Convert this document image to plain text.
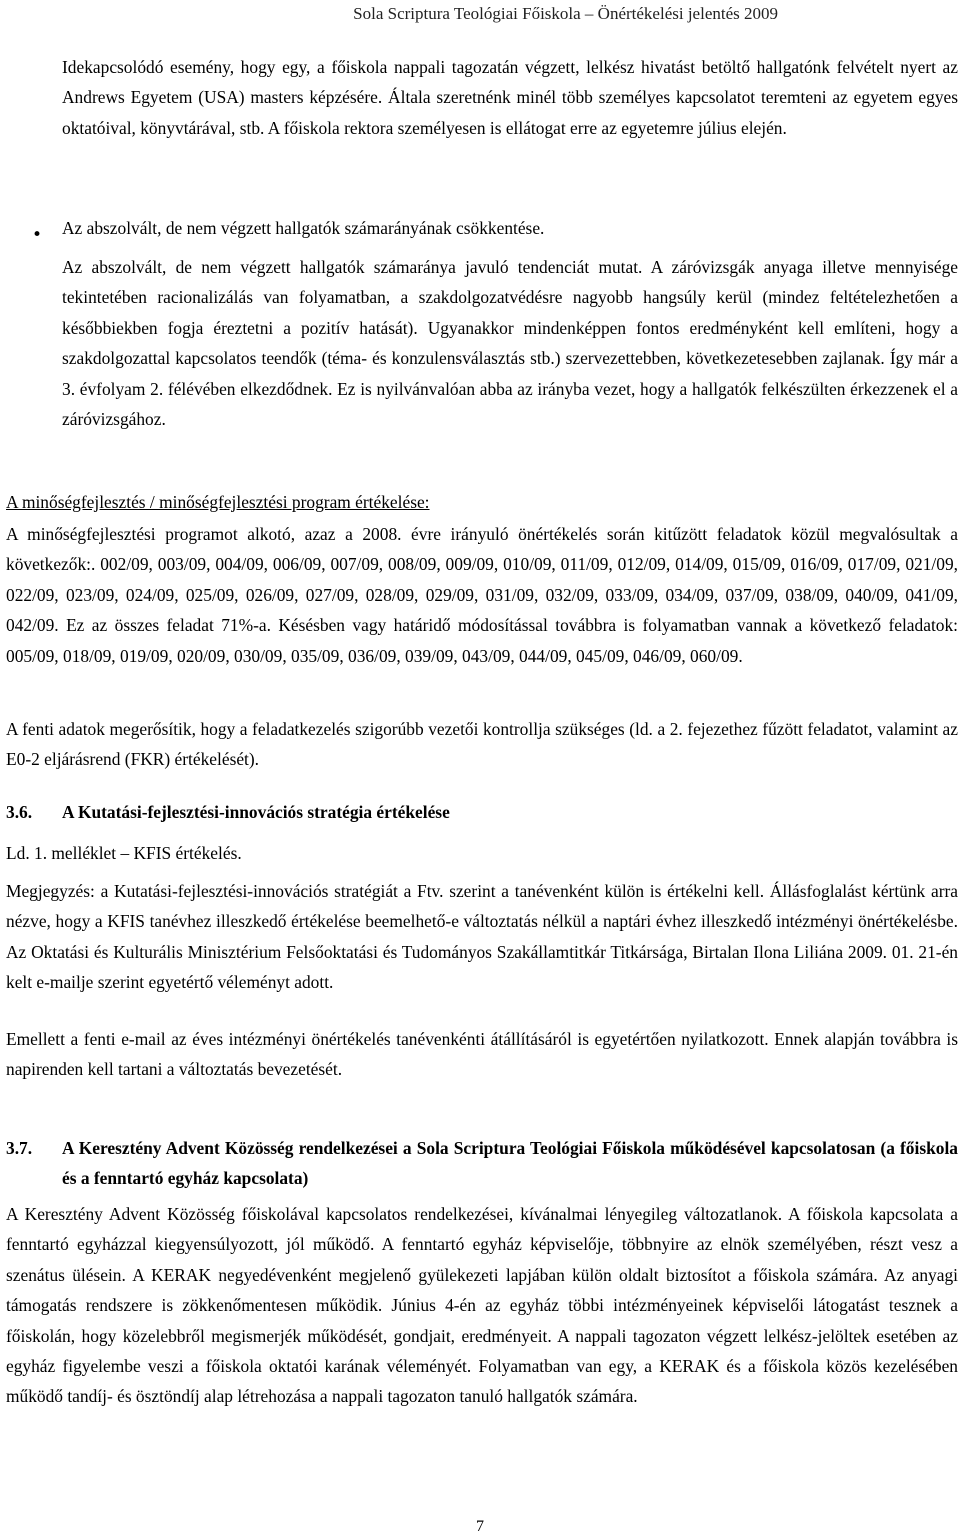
Sola Scriptura Teológiai Főiskola – Önértékelési jelentés 2009

Idekapcsolódó esemény, hogy egy, a főiskola nappali tagozatán végzett, lelkész hivatást betöltő hallgatónk felvételt nyert az Andrews Egyetem (USA) masters képzésére. Általa szeretnénk minél több személyes kapcsolatot teremteni az egyetem egyes oktatóival, könyvtárával, stb. A főiskola rektora személyesen is ellátogat erre az egyetemre július elején.

• Az abszolvált, de nem végzett hallgatók számarányának csökkentése.

Az abszolvált, de nem végzett hallgatók számaránya javuló tendenciát mutat. A záróvizsgák anyaga illetve mennyisége tekintetében racionalizálás van folyamatban, a szakdolgozatvédésre nagyobb hangsúly kerül (mindez feltételezhetően a későbbiekben fogja éreztetni a pozitív hatását). Ugyanakkor mindenképpen fontos eredményként kell említeni, hogy a szakdolgozattal kapcsolatos teendők (téma- és konzulensválasztás stb.) szervezettebben, következetesebben zajlanak. Így már a 3. évfolyam 2. félévében elkezdődnek. Ez is nyilvánvalóan abba az irányba vezet, hogy a hallgatók felkészülten érkezzenek el a záróvizsgához.

A minőségfejlesztés / minőségfejlesztési program értékelése:

A minőségfejlesztési programot alkotó, azaz a 2008. évre irányuló önértékelés során kitűzött feladatok közül megvalósultak a következők:. 002/09, 003/09, 004/09, 006/09, 007/09, 008/09, 009/09, 010/09, 011/09, 012/09, 014/09, 015/09, 016/09, 017/09, 021/09, 022/09, 023/09, 024/09, 025/09, 026/09, 027/09, 028/09, 029/09, 031/09, 032/09, 033/09, 034/09, 037/09, 038/09, 040/09, 041/09, 042/09. Ez az összes feladat 71%-a. Késésben vagy határidő módosítással továbbra is folyamatban vannak a következő feladatok: 005/09, 018/09, 019/09, 020/09, 030/09, 035/09, 036/09, 039/09, 043/09, 044/09, 045/09, 046/09, 060/09.

A fenti adatok megerősítik, hogy a feladatkezelés szigorúbb vezetői kontrollja szükséges (ld. a 2. fejezethez fűzött feladatot, valamint az E0-2 eljárásrend (FKR) értékelését).

3.6. A Kutatási-fejlesztési-innovációs stratégia értékelése

Ld. 1. melléklet – KFIS értékelés.

Megjegyzés: a Kutatási-fejlesztési-innovációs stratégiát a Ftv. szerint a tanévenként külön is értékelni kell. Állásfoglalást kértünk arra nézve, hogy a KFIS tanévhez illeszkedő értékelése beemelhető-e változtatás nélkül a naptári évhez illeszkedő intézményi önértékelésbe. Az Oktatási és Kulturális Minisztérium Felsőoktatási és Tudományos Szakállamtitkár Titkársága, Birtalan Ilona Liliána 2009. 01. 21-én kelt e-mailje szerint egyetértő véleményt adott.

Emellett a fenti e-mail az éves intézményi önértékelés tanévenkénti átállításáról is egyetértően nyilatkozott. Ennek alapján továbbra is napirenden kell tartani a változtatás bevezetését.

3.7. A Keresztény Advent Közösség rendelkezései a Sola Scriptura Teológiai Főiskola működésével kapcsolatosan (a főiskola és a fenntartó egyház kapcsolata)

A Keresztény Advent Közösség főiskolával kapcsolatos rendelkezései, kívánalmai lényegileg változatlanok. A főiskola kapcsolata a fenntartó egyházzal kiegyensúlyozott, jól működő. A fenntartó egyház képviselője, többnyire az elnök személyében, részt vesz a szenátus ülésein. A KERAK negyedévenként megjelenő gyülekezeti lapjában külön oldalt biztosítot a főiskola számára. Az anyagi támogatás rendszere is zökkenőmentesen működik. Június 4-én az egyház többi intézményeinek képviselői látogatást tesznek a főiskolán, hogy közelebbről megismerjék működését, gondjait, eredményeit. A nappali tagozaton végzett lelkész-jelöltek esetében az egyház figyelembe veszi a főiskola oktatói karának véleményét. Folyamatban van egy, a KERAK és a főiskola közös kezelésében működő tandíj- és ösztöndíj alap létrehozása a nappali tagozaton tanuló hallgatók számára.

7
